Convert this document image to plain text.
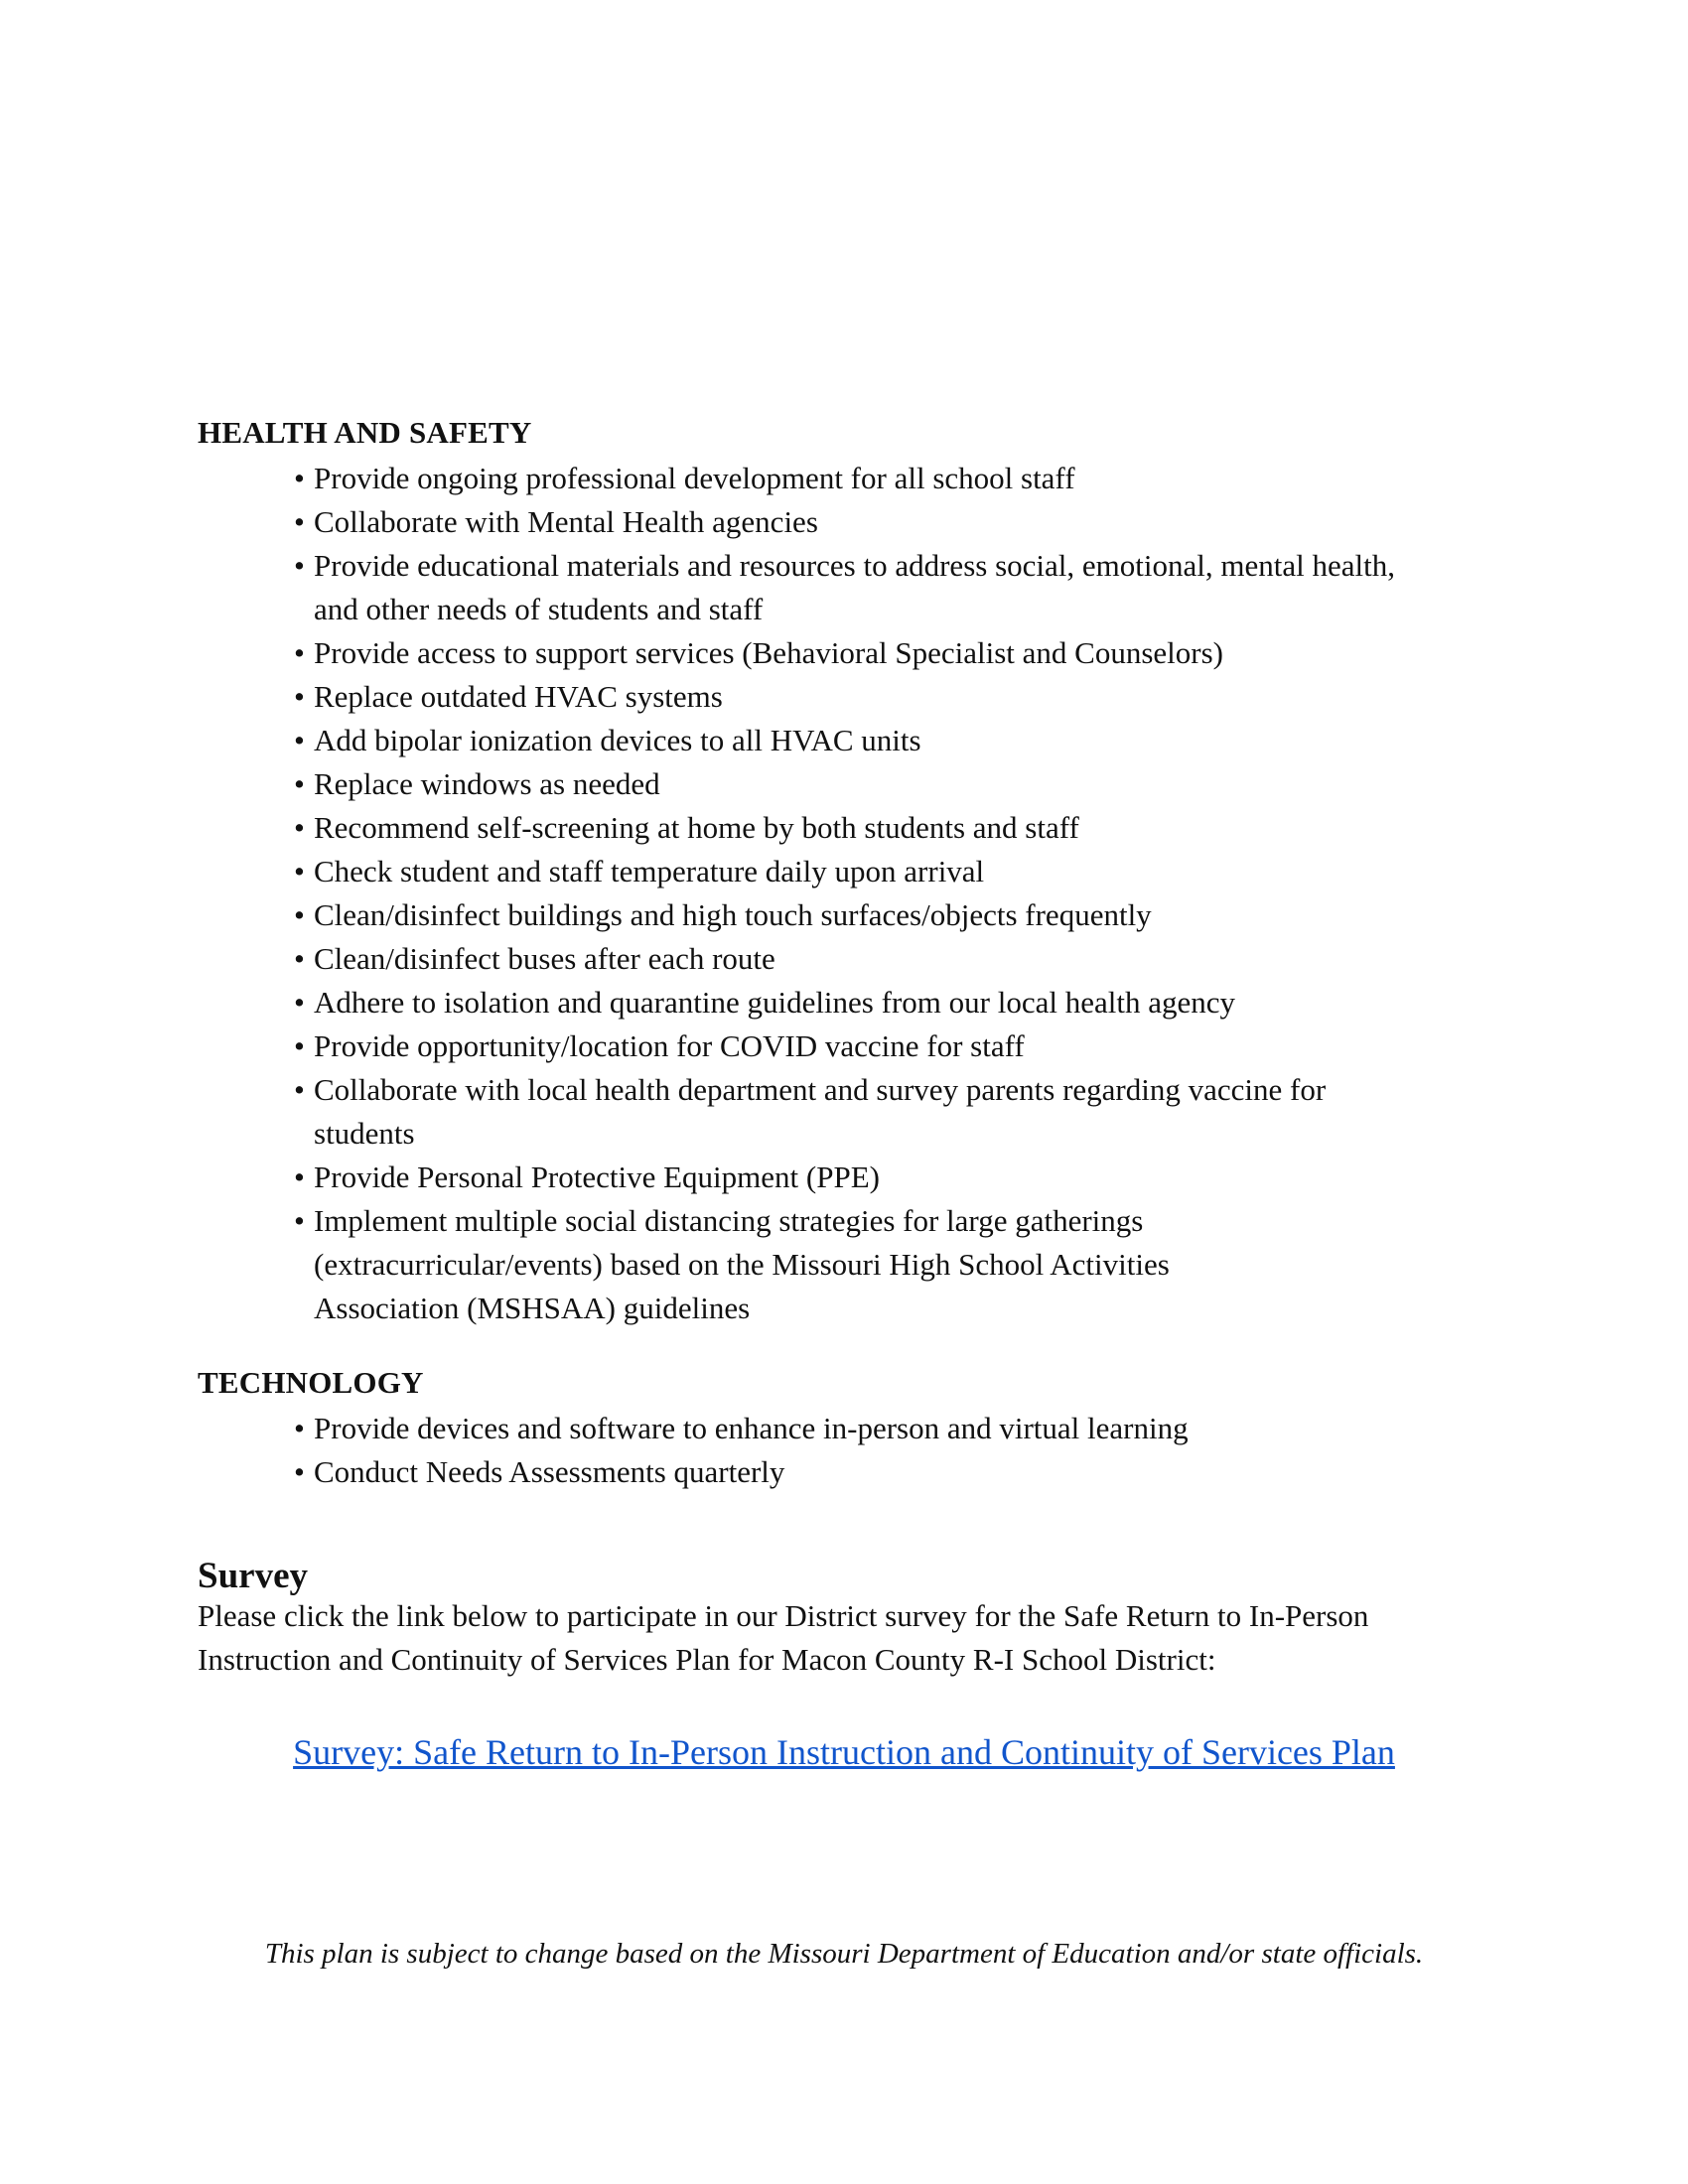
HEALTH AND SAFETY
• Provide ongoing professional development for all school staff
• Collaborate with Mental Health agencies
• Provide educational materials and resources to address social, emotional, mental health,
and other needs of students and staff
• Provide access to support services (Behavioral Specialist and Counselors)
• Replace outdated HVAC systems
• Add bipolar ionization devices to all HVAC units
• Replace windows as needed
• Recommend self-screening at home by both students and staff
• Check student and staff temperature daily upon arrival
• Clean/disinfect buildings and high touch surfaces/objects frequently
• Clean/disinfect buses after each route
• Adhere to isolation and quarantine guidelines from our local health agency
• Provide opportunity/location for COVID vaccine for staff
• Collaborate with local health department and survey parents regarding vaccine for
students
• Provide Personal Protective Equipment (PPE)
• Implement multiple social distancing strategies for large gatherings
(extracurricular/events) based on the Missouri High School Activities
Association (MSHSAA) guidelines
TECHNOLOGY
• Provide devices and software to enhance in-person and virtual learning
• Conduct Needs Assessments quarterly
Survey

Please click the link below to participate in our District survey for the Safe Return to In-Person
Instruction and Continuity of Services Plan for Macon County R-I School District:

Survey: Safe Return to In-Person Instruction and Continuity of Services Plan

This plan is subject to change based on the Missouri Department of Education and/or state officials.
